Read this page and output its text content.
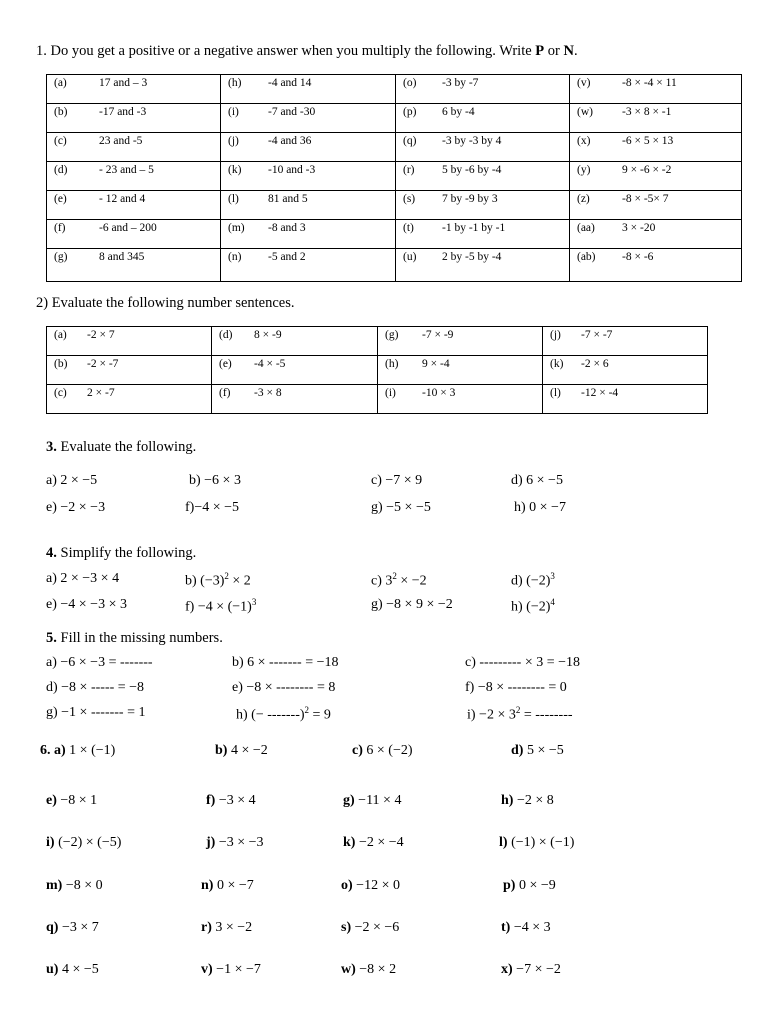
1. Do you get a positive or a negative answer when you multiply the following. Write P or N.
(a) 17 and – 3	(h) -4 and 14	(o) -3 by -7	(v) -8 × -4 × 11

(b) -17 and -3	(i) -7 and -30	(p) 6 by -4	(w) -3 × 8 × -1

(c) 23 and -5	(j) -4 and 36	(q) -3 by -3 by 4	(x) -6 × 5 × 13

(d) - 23 and – 5	(k) -10 and -3	(r) 5 by -6 by -4	(y) 9 × -6 × -2

(e) - 12 and 4	(l) 81 and 5	(s) 7 by -9 by 3	(z) -8 × -5× 7

(f) -6 and – 200	(m) -8 and 3	(t) -1 by -1 by -1	(aa) 3 × -20

(g) 8 and 345	(n) -5 and 2	(u) 2 by -5 by -4	(ab) -8 × -6
2) Evaluate the following number sentences.
(a) -2 × 7	(d) 8 × -9	(g) -7 × -9	(j) -7 × -7

(b) -2 × -7	(e) -4 × -5	(h) 9 × -4	(k) -2 × 6

(c) 2 × -7	(f) -3 × 8	(i) -10 × 3	(l) -12 × -4
3. Evaluate the following.
a) 2 × −5	b) −6 × 3	c) −7 × 9	d) 6 × −5
e) −2 × −3	f)−4 × −5	g) −5 × −5	h) 0 × −7
4. Simplify the following.
a) 2 × −3 × 4	b) $(-3)^2 \times 2$	c) $3^2 \times -2$	d) $(-2)^3$
e) −4 × −3 × 3	$f) -4 \times (-1)^3$	g) −8 × 9 × −2	h) $(-2)^4$
5. Fill in the missing numbers.
a) −6 × −3 = -------	b) 6 × ------- = −18	c) --------- × 3 = −18
d) −8 × ----- = −8	e) −8 × -------- = 8	f) −8 × -------- = 0
g) −1 × ------- = 1	h) (− -------)$^2$ = 9	$i) -2 \times 3^2$ = --------
6. a) 1 × (−1)	b) 4 × −2	c) 6 × (−2)	d) 5 × −5
e) −8 × 1	f) −3 × 4	g) −11 × 4	h) −2 × 8
i) (−2) × (−5)	j) −3 × −3	k) −2 × −4	l) (−1) × (−1)
m) −8 × 0	n) 0 × −7	o) −12 × 0	p) 0 × −9
q) −3 × 7	r) 3 × −2	s) −2 × −6	t) −4 × 3
u) 4 × −5	v) −1 × −7	w) −8 × 2	x) −7 × −2
